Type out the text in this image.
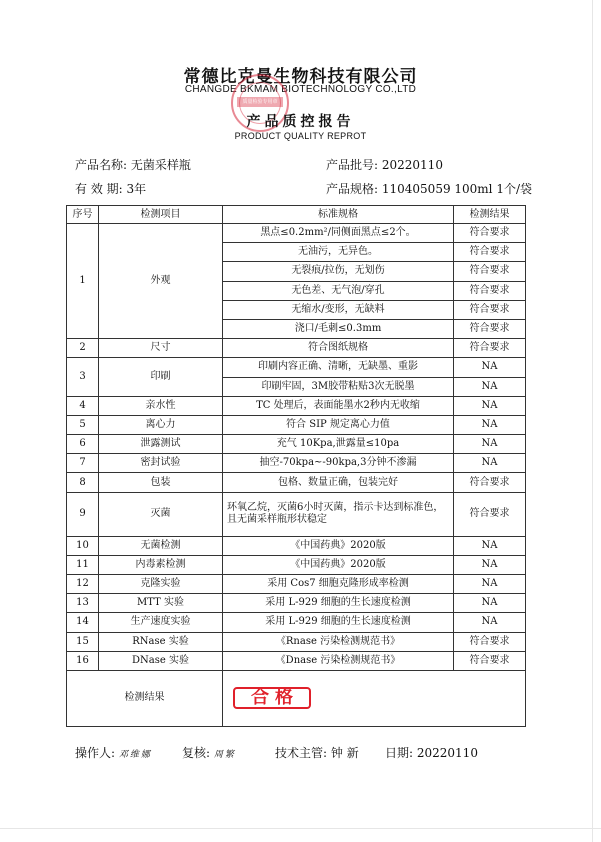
常德比克曼生物科技有限公司
CHANGDE BKMAM BIOTECHNOLOGY CO.,LTD
质量检验专用章
产品质控报告
PRODUCT QUALITY REPROT
产品名称: 无菌采样瓶	产品批号: 20220110
有 效 期: 3年	产品规格: 110405059 100ml 1个/袋
序号	检测项目	标准规格	检测结果
1	外观	黑点≤0.2mm²/同侧面黑点≤2个。	符合要求
		无油污，无异色。	符合要求
		无裂痕/拉伤，无划伤	符合要求
		无色差、无气泡/穿孔	符合要求
		无缩水/变形，无缺料	符合要求
		浇口/毛刺≤0.3mm	符合要求
2	尺寸	符合图纸规格	符合要求
3	印刷	印刷内容正确、清晰，无缺墨、重影	NA
		印刷牢固，3M胶带粘贴3次无脱墨	NA
4	亲水性	TC 处理后，表面能墨水2秒内无收缩	NA
5	离心力	符合 SIP 规定离心力值	NA
6	泄露测试	充气 10Kpa,泄露量≤10pa	NA
7	密封试验	抽空-70kpa~-90kpa,3分钟不渗漏	NA
8	包装	包格、数量正确，包装完好	符合要求
9	灭菌	环氧乙烷，灭菌6小时灭菌，指示卡达到标准色，且无菌采样瓶形状稳定	符合要求
10	无菌检测	《中国药典》2020版	NA
11	内毒素检测	《中国药典》2020版	NA
12	克隆实验	采用 Cos7 细胞克隆形成率检测	NA
13	MTT 实验	采用 L-929 细胞的生长速度检测	NA
14	生产速度实验	采用 L-929 细胞的生长速度检测	NA
15	RNase 实验	《Rnase 污染检测规范书》	符合要求
16	DNase 实验	《Dnase 污染检测规范书》	符合要求
检测结果		合格	
操作人: 邓维娜	复核: 周繁	技术主管: 钟 新 日期: 20220110
